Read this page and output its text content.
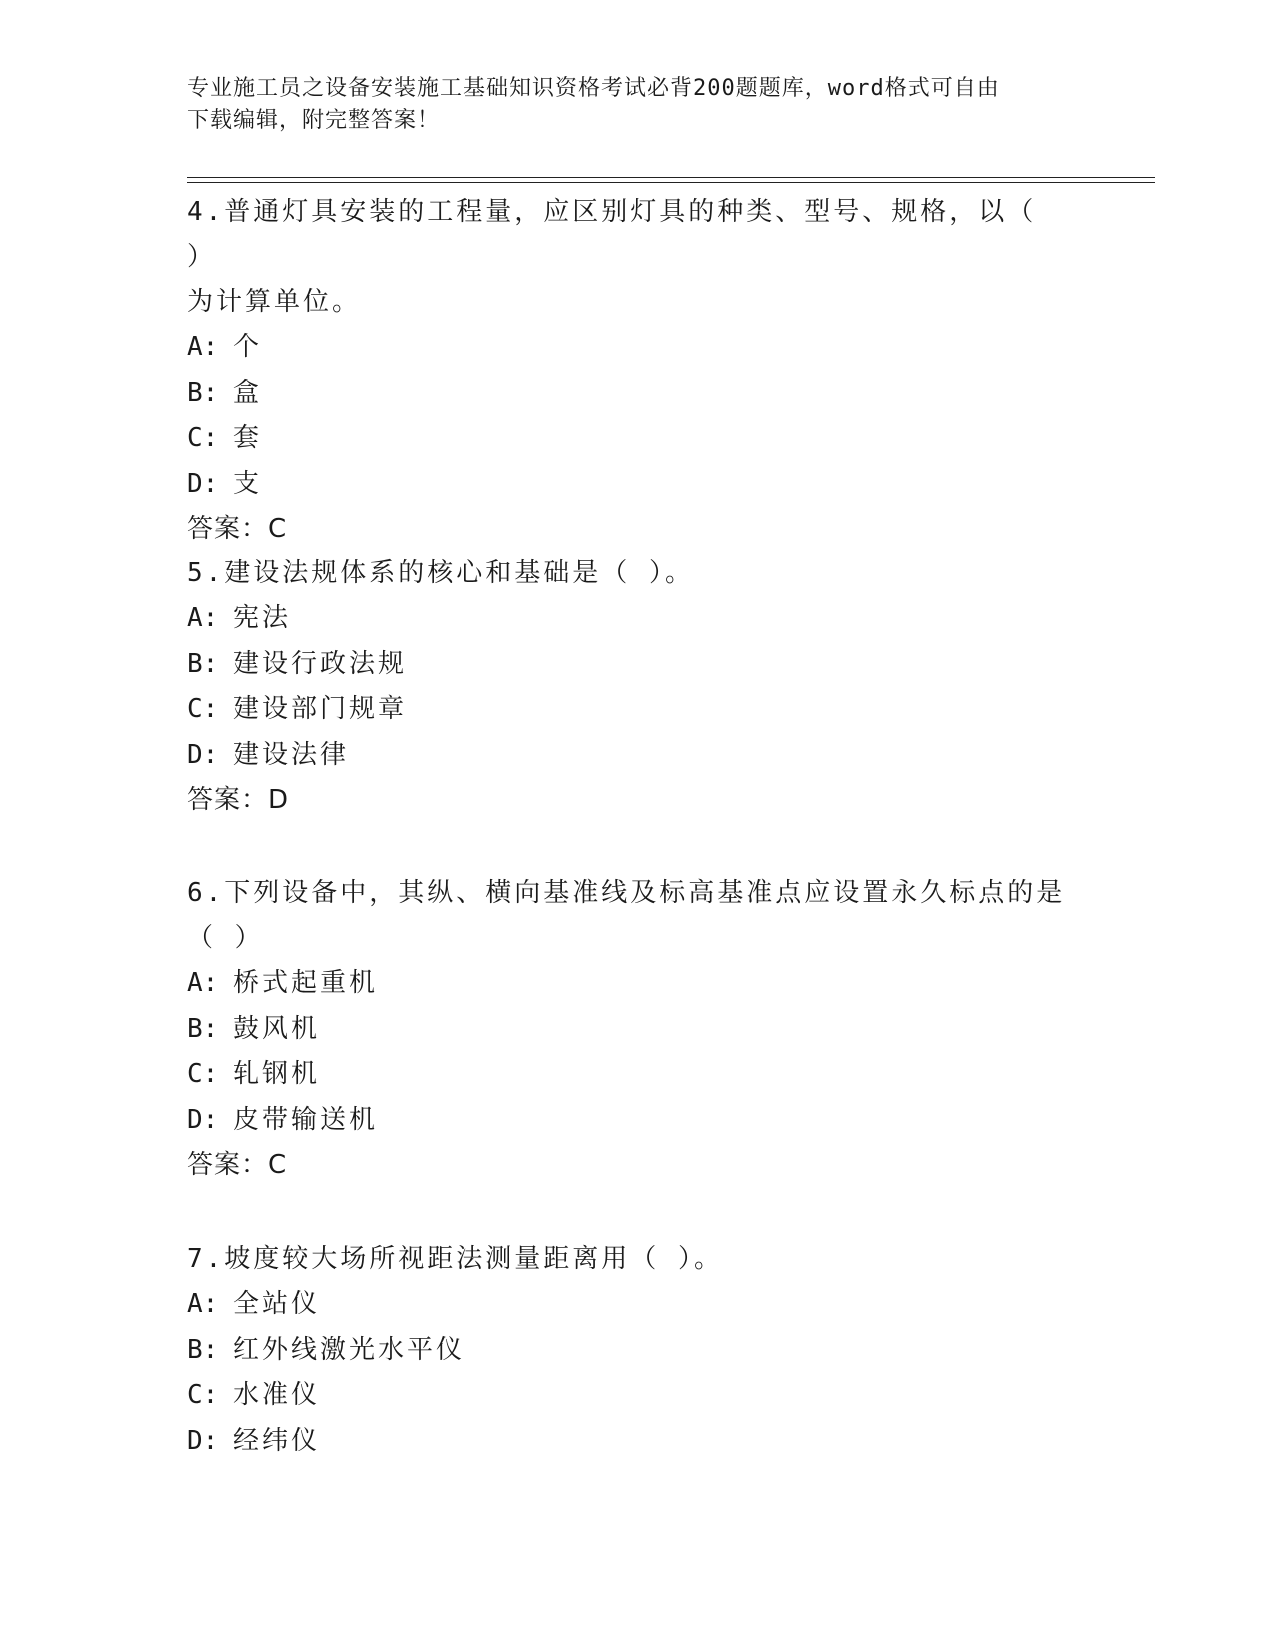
专业施工员之设备安装施工基础知识资格考试必背200题题库，word格式可自由
下载编辑，附完整答案！

4.普通灯具安装的工程量，应区别灯具的种类、型号、规格，以（ ）

为计算单位。

A: 个

B: 盒

C: 套

D: 支

答案：C

5.建设法规体系的核心和基础是（ ）。

A: 宪法

B: 建设行政法规

C: 建设部门规章

D: 建设法律

答案：D

6.下列设备中，其纵、横向基准线及标高基准点应设置永久标点的是

（ ）

A: 桥式起重机

B: 鼓风机

C: 轧钢机

D: 皮带输送机

答案：C

7.坡度较大场所视距法测量距离用（ ）。

A: 全站仪

B: 红外线激光水平仪

C: 水准仪

D: 经纬仪
